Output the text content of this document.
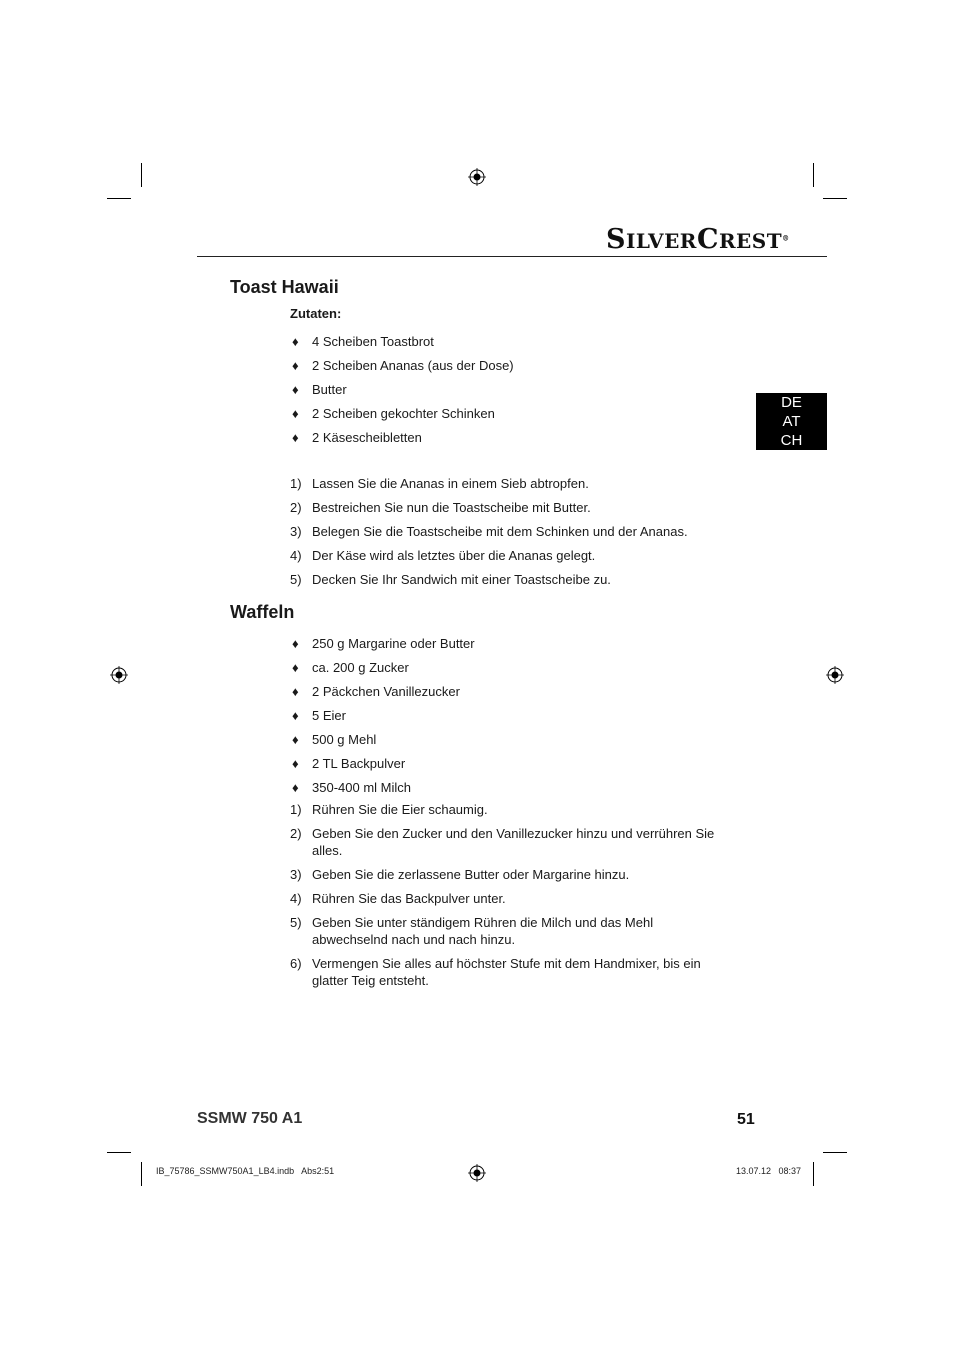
SILVERCREST®
DE
AT
CH
Toast Hawaii

Zutaten:

♦ 4 Scheiben Toastbrot
♦ 2 Scheiben Ananas (aus der Dose)
♦ Butter
♦ 2 Scheiben gekochter Schinken
♦ 2 Käsescheibletten
1) Lassen Sie die Ananas in einem Sieb abtropfen.
2) Bestreichen Sie nun die Toastscheibe mit Butter.
3) Belegen Sie die Toastscheibe mit dem Schinken und der Ananas.
4) Der Käse wird als letztes über die Ananas gelegt.
5) Decken Sie Ihr Sandwich mit einer Toastscheibe zu.
Waffeln
♦ 250 g Margarine oder Butter
♦ ca. 200 g Zucker
♦ 2 Päckchen Vanillezucker
♦ 5 Eier
♦ 500 g Mehl
♦ 2 TL Backpulver
♦ 350-400 ml Milch
1) Rühren Sie die Eier schaumig.
2) Geben Sie den Zucker und den Vanillezucker hinzu und verrühren Sie alles.
3) Geben Sie die zerlassene Butter oder Margarine hinzu.
4) Rühren Sie das Backpulver unter.
5) Geben Sie unter ständigem Rühren die Milch und das Mehl abwechselnd nach und nach hinzu.
6) Vermengen Sie alles auf höchster Stufe mit dem Handmixer, bis ein glatter Teig entsteht.
SSMW 750 A1	51
IB_75786_SSMW750A1_LB4.indb   Abs2:51	13.07.12   08:37
